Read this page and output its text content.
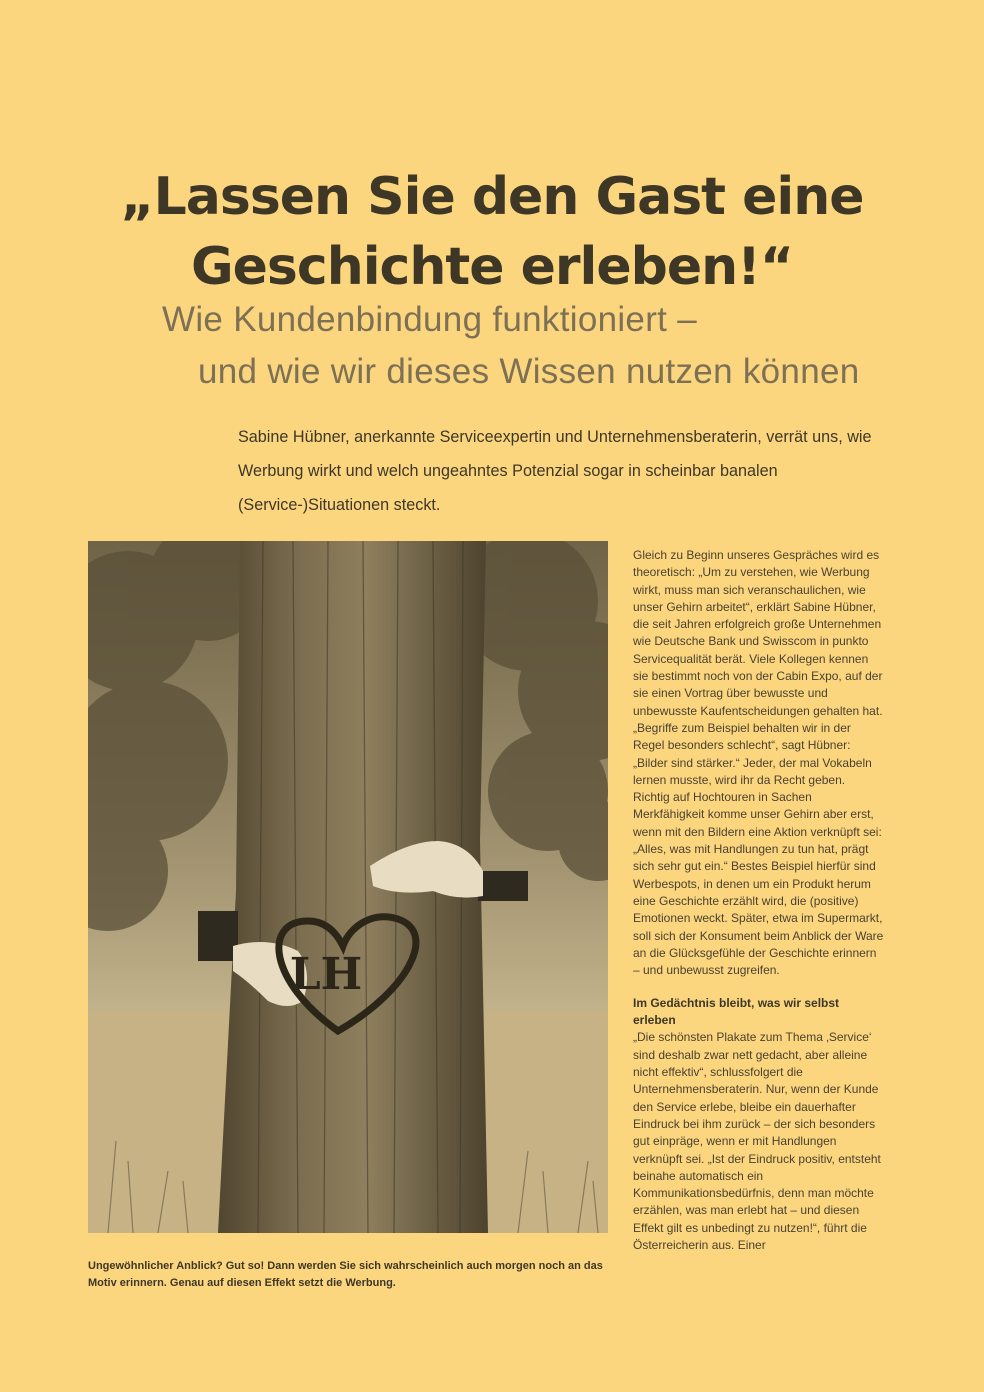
„Lassen Sie den Gast eine Geschichte erleben!“
Wie Kundenbindung funktioniert –
und wie wir dieses Wissen nutzen können

Sabine Hübner, anerkannte Serviceexpertin und Unternehmensberaterin, verrät uns, wie Werbung wirkt und welch ungeahntes Potenzial sogar in scheinbar banalen (Service-)Situationen steckt.

LH

Ungewöhnlicher Anblick? Gut so! Dann werden Sie sich wahrscheinlich auch morgen noch an das Motiv erinnern. Genau auf diesen Effekt setzt die Werbung.

Gleich zu Beginn unseres Gespräches wird es theoretisch: „Um zu verstehen, wie Werbung wirkt, muss man sich veranschaulichen, wie unser Gehirn arbeitet“, erklärt Sabine Hübner, die seit Jahren erfolgreich große Unternehmen wie Deutsche Bank und Swisscom in punkto Servicequalität berät. Viele Kollegen kennen sie bestimmt noch von der Cabin Expo, auf der sie einen Vortrag über bewusste und unbewusste Kaufentscheidungen gehalten hat. „Begriffe zum Beispiel behalten wir in der Regel besonders schlecht“, sagt Hübner: „Bilder sind stärker.“ Jeder, der mal Vokabeln lernen musste, wird ihr da Recht geben. Richtig auf Hochtouren in Sachen Merkfähigkeit komme unser Gehirn aber erst, wenn mit den Bildern eine Aktion verknüpft sei: „Alles, was mit Handlungen zu tun hat, prägt sich sehr gut ein.“ Bestes Beispiel hierfür sind Werbespots, in denen um ein Produkt herum eine Geschichte erzählt wird, die (positive) Emotionen weckt. Später, etwa im Supermarkt, soll sich der Konsument beim Anblick der Ware an die Glücksgefühle der Geschichte erinnern – und unbewusst zugreifen.

Im Gedächtnis bleibt, was wir selbst erleben

„Die schönsten Plakate zum Thema ‚Service‘ sind deshalb zwar nett gedacht, aber alleine nicht effektiv“, schlussfolgert die Unternehmensberaterin. Nur, wenn der Kunde den Service erlebe, bleibe ein dauerhafter Eindruck bei ihm zurück – der sich besonders gut einpräge, wenn er mit Handlungen verknüpft sei. „Ist der Eindruck positiv, entsteht beinahe automatisch ein Kommunikationsbedürfnis, denn man möchte erzählen, was man erlebt hat – und diesen Effekt gilt es unbedingt zu nutzen!“, führt die Österreicherin aus. Einer
